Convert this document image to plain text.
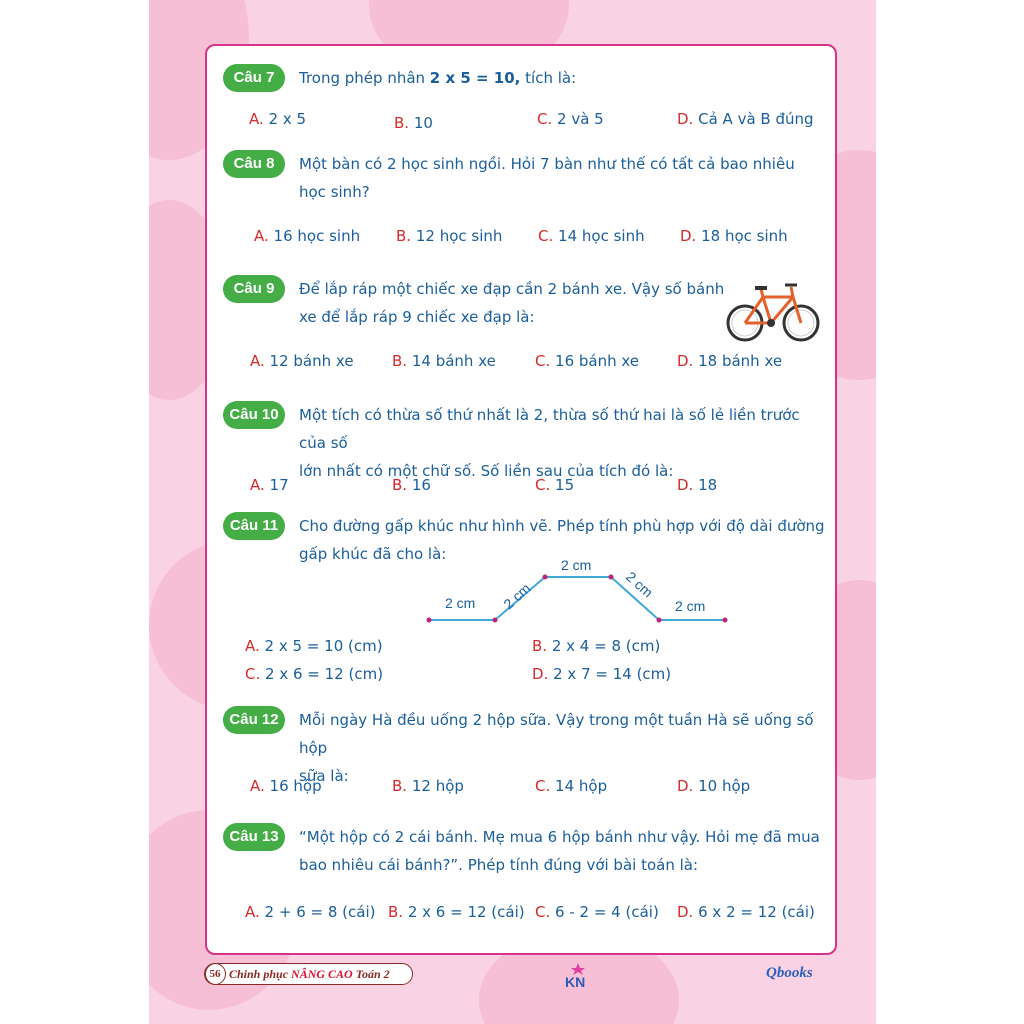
Câu 7	Trong phép nhân 2 x 5 = 10, tích là:
A. 2 x 5	B. 10	C. 2 và 5	D. Cả A và B đúng
Câu 8	Một bàn có 2 học sinh ngồi. Hỏi 7 bàn như thế có tất cả bao nhiêu
học sinh?
A. 16 học sinh B. 12 học sinh C. 14 học sinh D. 18 học sinh
Câu 9	Để lắp ráp một chiếc xe đạp cần 2 bánh xe. Vậy số bánh
xe để lắp ráp 9 chiếc xe đạp là:
A. 12 bánh xe	B. 14 bánh xe	C. 16 bánh xe	D. 18 bánh xe
Câu 10	Một tích có thừa số thứ nhất là 2, thừa số thứ hai là số lẻ liền trước của số
lớn nhất có một chữ số. Số liền sau của tích đó là:
A. 17	B. 16	C. 15	D. 18
Câu 11	Cho đường gấp khúc như hình vẽ. Phép tính phù hợp với độ dài đường
gấp khúc đã cho là:
2 cm 2 cm
2 cm
2 cm
2 cm
A. 2 x 5 = 10 (cm)	B. 2 x 4 = 8 (cm)
C. 2 x 6 = 12 (cm)	D. 2 x 7 = 14 (cm)
Câu 12	Mỗi ngày Hà đều uống 2 hộp sữa. Vậy trong một tuần Hà sẽ uống số hộp
sữa là:
A. 16 hộp	B. 12 hộp	C. 14 hộp	D. 10 hộp
Câu 13	“Một hộp có 2 cái bánh. Mẹ mua 6 hộp bánh như vậy. Hỏi mẹ đã mua
bao nhiêu cái bánh?”. Phép tính đúng với bài toán là:
A. 2 + 6 = 8 (cái) B. 2 x 6 = 12 (cái) C. 6 - 2 = 4 (cái) D. 6 x 2 = 12 (cái)
56 Chinh phục NÂNG CAO Toán 2	KN
Qbooks
